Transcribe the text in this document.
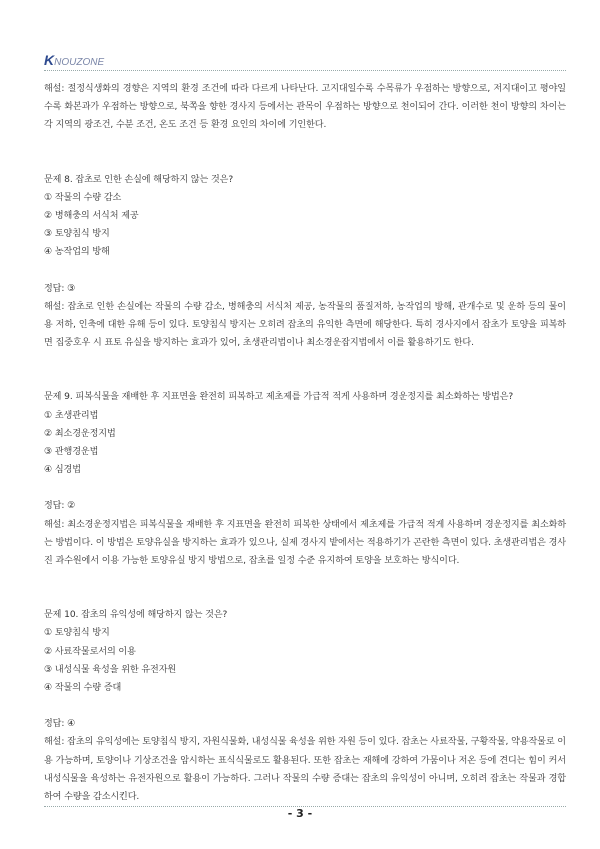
KNOUZONE

해설: 절정식생화의 경향은 지역의 환경 조건에 따라 다르게 나타난다. 고지대일수록 수목류가 우점하는 방향으로, 저지대이고 평야일수록 화본과가 우점하는 방향으로, 북쪽을 향한 경사지 등에서는 관목이 우점하는 방향으로 천이되어 간다. 이러한 천이 방향의 차이는 각 지역의 광조건, 수분 조건, 온도 조건 등 환경 요인의 차이에 기인한다.

문제 8. 잡초로 인한 손실에 해당하지 않는 것은?

① 작물의 수량 감소

② 병해충의 서식처 제공

③ 토양침식 방지

④ 농작업의 방해

정답: ③

해설: 잡초로 인한 손실에는 작물의 수량 감소, 병해충의 서식처 제공, 농작물의 품질저하, 농작업의 방해, 관개수로 및 운하 등의 물이용 저하, 인축에 대한 유해 등이 있다. 토양침식 방지는 오히려 잡초의 유익한 측면에 해당한다. 특히 경사지에서 잡초가 토양을 피복하면 집중호우 시 표토 유실을 방지하는 효과가 있어, 초생관리법이나 최소경운잡지법에서 이를 활용하기도 한다.

문제 9. 피복식물을 재배한 후 지표면을 완전히 피복하고 제초제를 가급적 적게 사용하며 경운정지를 최소화하는 방법은?

① 초생관리법

② 최소경운정지법

③ 관행경운법

④ 심경법

정답: ②

해설: 최소경운정지법은 피복식물을 재배한 후 지표면을 완전히 피복한 상태에서 제초제를 가급적 적게 사용하며 경운정지를 최소화하는 방법이다. 이 방법은 토양유실을 방지하는 효과가 있으나, 실제 경사지 밭에서는 적용하기가 곤란한 측면이 있다. 초생관리법은 경사진 과수원에서 이용 가능한 토양유실 방지 방법으로, 잡초를 일정 수준 유지하여 토양을 보호하는 방식이다.

문제 10. 잡초의 유익성에 해당하지 않는 것은?

① 토양침식 방지

② 사료작물로서의 이용

③ 내성식물 육성을 위한 유전자원

④ 작물의 수량 증대

정답: ④

해설: 잡초의 유익성에는 토양침식 방지, 자원식물화, 내성식물 육성을 위한 자원 등이 있다. 잡초는 사료작물, 구황작물, 약용작물로 이용 가능하며, 토양이나 기상조건을 암시하는 표식식물로도 활용된다. 또한 잡초는 재해에 강하여 가뭄이나 저온 등에 견디는 힘이 커서 내성식물을 육성하는 유전자원으로 활용이 가능하다. 그러나 작물의 수량 증대는 잡초의 유익성이 아니며, 오히려 잡초는 작물과 경합하여 수량을 감소시킨다.

- 3 -
